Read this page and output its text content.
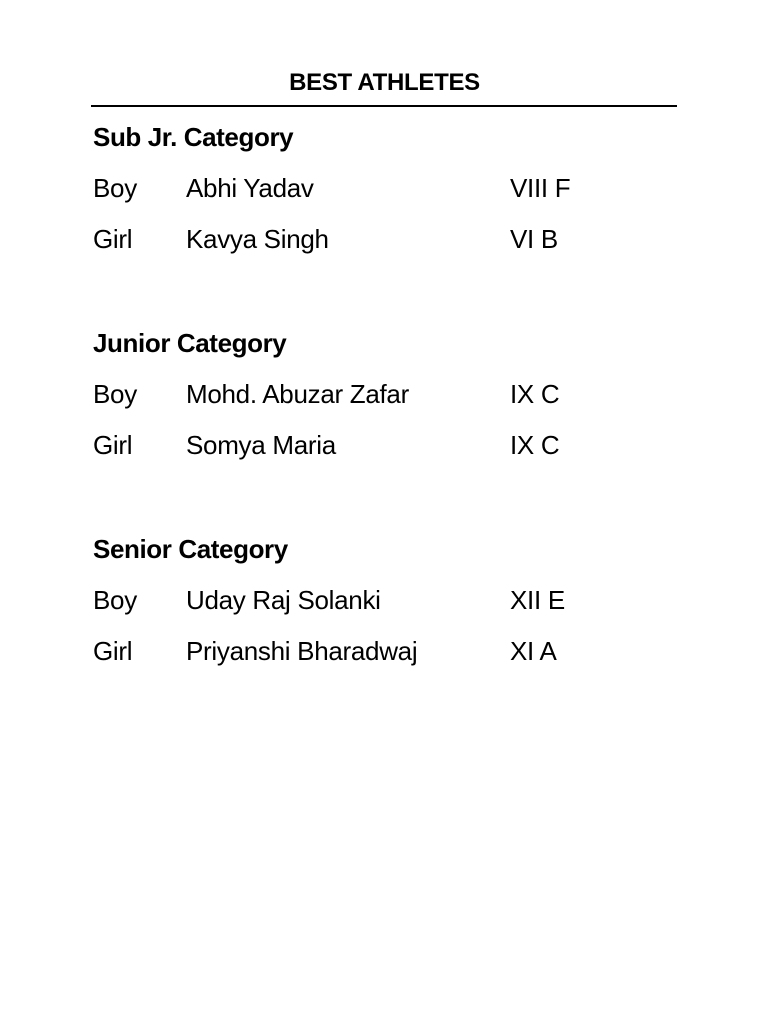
BEST ATHLETES
Sub Jr. Category
Boy Abhi Yadav	VIII F
Girl Kavya Singh	VI B
Junior Category
Boy Mohd. Abuzar Zafar	IX C
Girl Somya Maria	IX C
Senior Category
Boy Uday Raj Solanki	XII E
Girl Priyanshi Bharadwaj	XI A
